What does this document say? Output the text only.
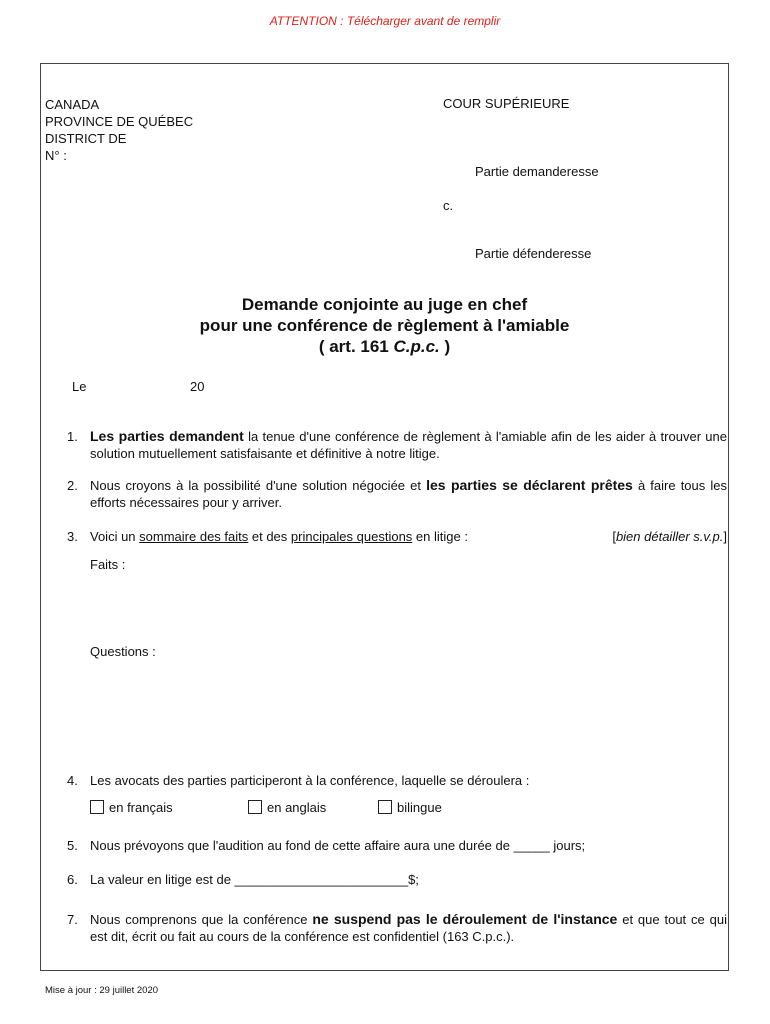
ATTENTION : Télécharger avant de remplir
CANADA
PROVINCE DE QUÉBEC
DISTRICT DE
N° :
COUR SUPÉRIEURE
Partie demanderesse
c.
Partie défenderesse
Demande conjointe au juge en chef
pour une conférence de règlement à l'amiable
( art. 161 C.p.c. )
Le	20
1. Les parties demandent la tenue d'une conférence de règlement à l'amiable afin de les aider à trouver une solution mutuellement satisfaisante et définitive à notre litige.
2. Nous croyons à la possibilité d'une solution négociée et les parties se déclarent prêtes à faire tous les efforts nécessaires pour y arriver.
3. Voici un sommaire des faits et des principales questions en litige :	[bien détailler s.v.p.]
Faits :
Questions :
4. Les avocats des parties participeront à la conférence, laquelle se déroulera :
en français	en anglais	bilingue
5. Nous prévoyons que l'audition au fond de cette affaire aura une durée de _____ jours;
6. La valeur en litige est de ________________________$;
7. Nous comprenons que la conférence ne suspend pas le déroulement de l'instance et que tout ce qui est dit, écrit ou fait au cours de la conférence est confidentiel (163 C.p.c.).
Mise à jour : 29 juillet 2020
